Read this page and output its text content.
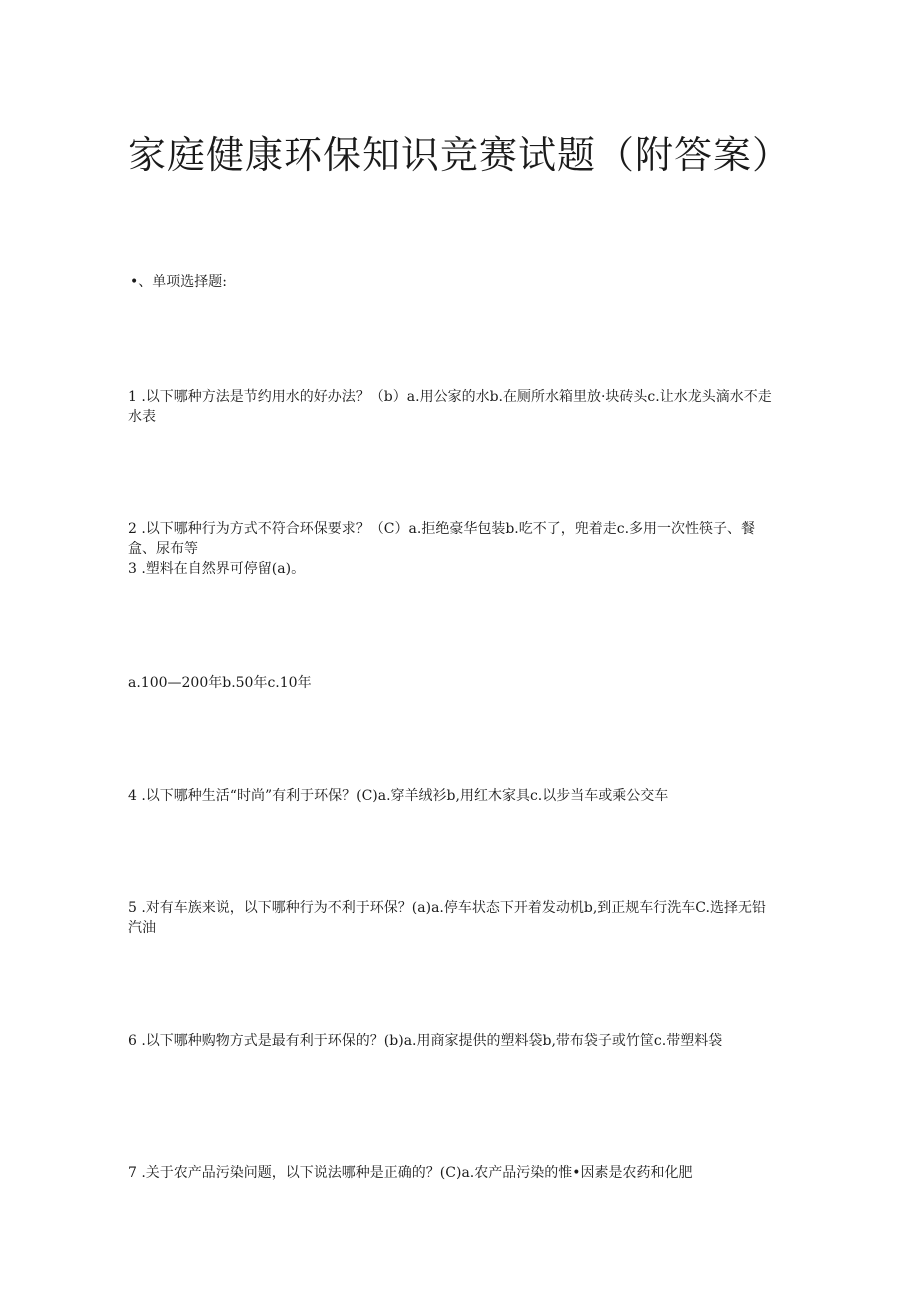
家庭健康环保知识竞赛试题（附答案）
•、单项选择题:

1 .以下哪种方法是节约用水的好办法？（b）a.用公家的水b.在厕所水箱里放·块砖头c.让水龙头滴水不走水表

2 .以下哪种行为方式不符合环保要求？（C）a.拒绝豪华包装b.吃不了，兜着走c.多用一次性筷子、餐盒、尿布等

3 .塑料在自然界可停留(a)。

a.100—200年b.50年c.10年

4 .以下哪种生活“时尚”有利于环保？(C)a.穿羊绒衫b,用红木家具c.以步当车或乘公交车

5 .对有车族来说，以下哪种行为不利于环保？(a)a.停车状态下开着发动机b,到正规车行洗车C.选择无铅汽油

6 .以下哪种购物方式是最有利于环保的？(b)a.用商家提供的塑料袋b,带布袋子或竹筐c.带塑料袋

7 .关于农产品污染问题，以下说法哪种是正确的？(C)a.农产品污染的惟•因素是农药和化肥
